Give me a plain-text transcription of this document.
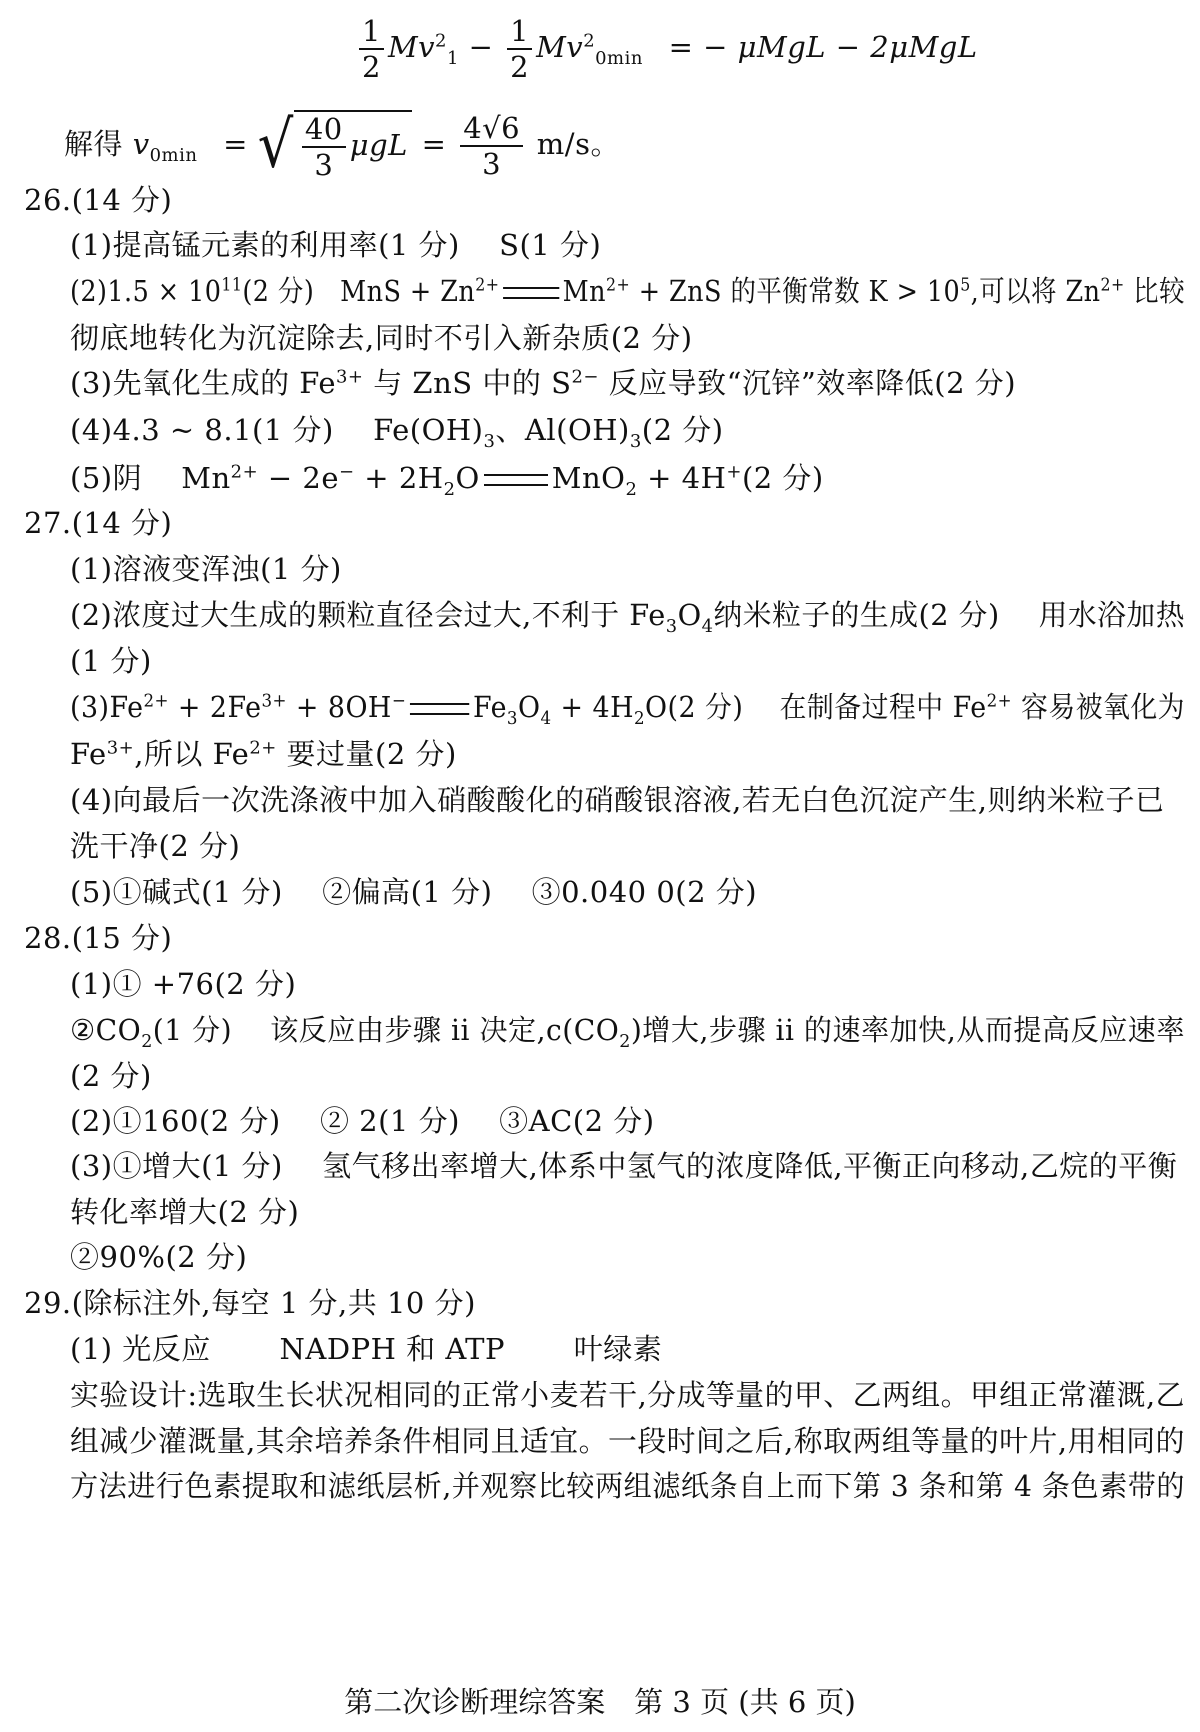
$\frac{1}{2} Mv^2_1 - \frac{1}{2} Mv^2_{0min}$ = − μMgL − 2μMgL
解得 $v_{0min}$ = √ $\frac{40}{3}$ $\mu gL = \frac{4√6}{3} m/s$。
26.(14 分)
(1)提高锰元素的利用率(1 分)　 S(1 分)
$(2)1.5 \times 10^{11}(2$ 分)　MnS + $Zn^{2+}$ $Mn^{2+}$ + ZnS 的平衡常数 $K > 10^5$,可以将 $Zn^{2+}$ 比较
彻底地转化为沉淀除去,同时不引入新杂质(2 分)
(3)先氧化生成的 $Fe^{3+}$ 与 ZnS 中的 $S^{2-}$ 反应导致“沉锌”效率降低(2 分)
(4)4.3 ~ 8.1(1 分)　 $Fe(OH)_3$、$Al(OH)_3(2$ 分)
(5)阴　 $Mn^{2+} - 2e^- + 2H_2O$ MnO$_2$ + 4H+(2 分)
27.(14 分)
(1)溶液变浑浊(1 分)
(2)浓度过大生成的颗粒直径会过大,不利于 $Fe_3O_4$纳米粒子的生成(2 分)　 用水浴加热
(1 分)
$(3)Fe^{2+} + 2Fe^{3+} + 8OH^-$ $Fe_3O_4 + 4H_2O(2$ 分)　 在制备过程中 $Fe^{2+}$ 容易被氧化为
$Fe^{3+}$,所以 $Fe^{2+}$ 要过量(2 分)
(4)向最后一次洗涤液中加入硝酸酸化的硝酸银溶液,若无白色沉淀产生,则纳米粒子已
洗干净(2 分)
(5)①碱式(1 分)　 ②偏高(1 分)　 ③0.040 0(2 分)
28.(15 分)
(1)① +76(2 分)
$②CO_2(1$ 分)　 该反应由步骤 ii 决定$,c(CO_2)$增大,步骤 ii 的速率加快,从而提高反应速率
(2 分)
(2)①160(2 分)　 ② 2(1 分)　 ③AC(2 分)
(3)①增大(1 分)　 氢气移出率增大,体系中氢气的浓度降低,平衡正向移动,乙烷的平衡
转化率增大(2 分)
②90%(2 分)
29.(除标注外,每空 1 分,共 10 分)
(1) 光反应　　 NADPH 和 ATP　　 叶绿素
实验设计:选取生长状况相同的正常小麦若干,分成等量的甲、乙两组。甲组正常灌溉,乙
组减少灌溉量,其余培养条件相同且适宜。一段时间之后,称取两组等量的叶片,用相同的
方法进行色素提取和滤纸层析,并观察比较两组滤纸条自上而下第 3 条和第 4 条色素带的
第二次诊断理综答案　第 3 页 (共 6 页)
